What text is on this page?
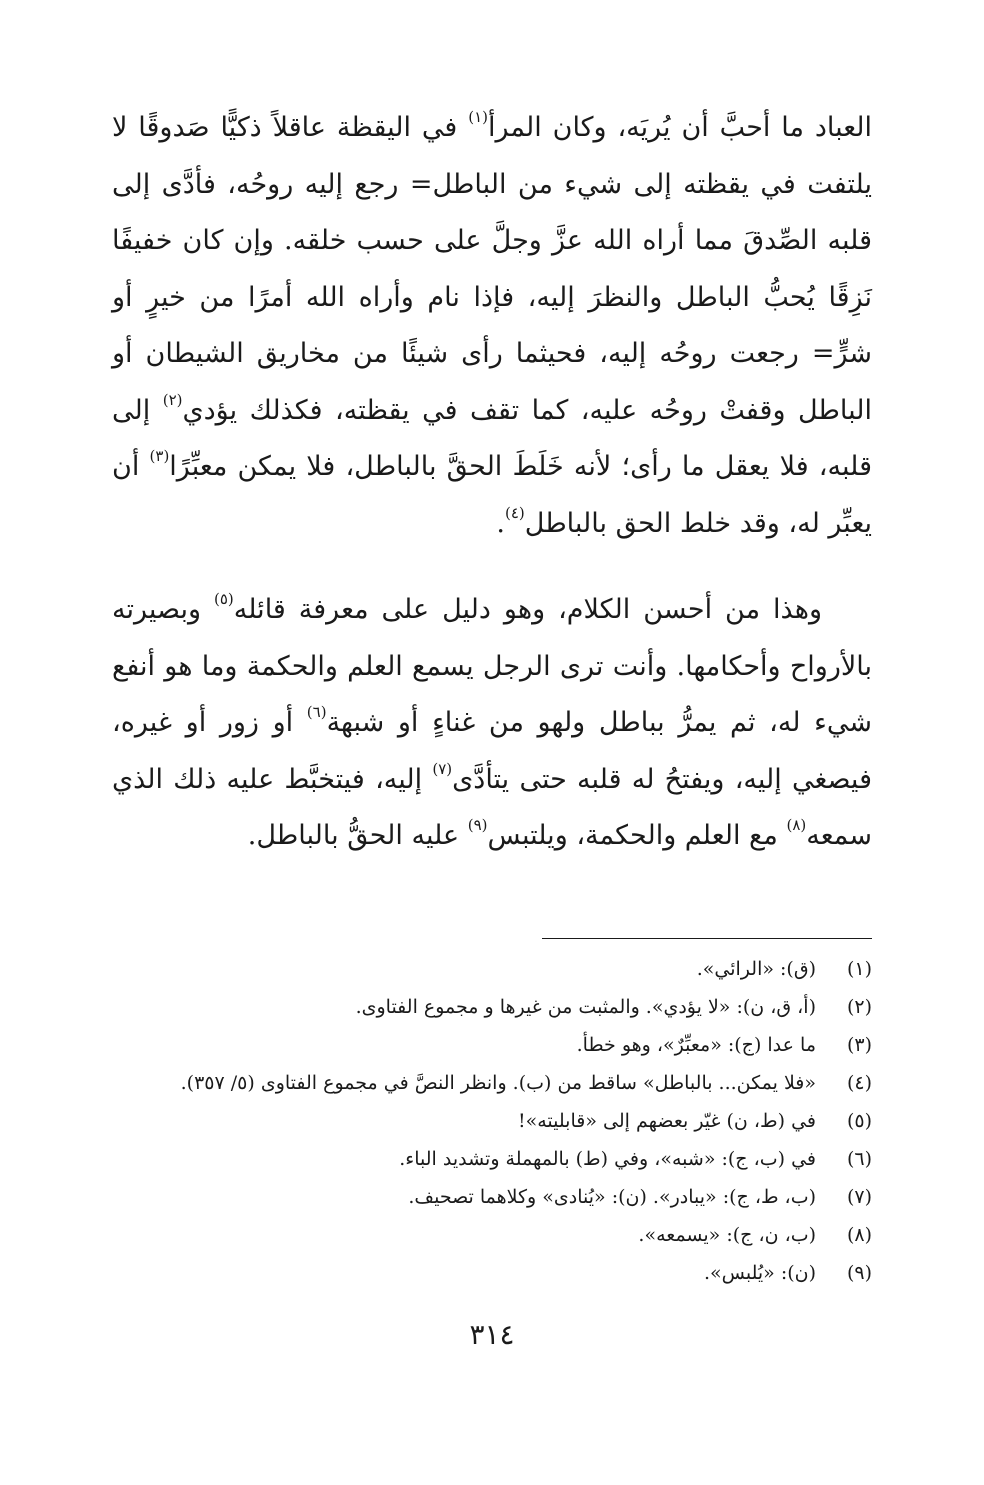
العباد ما أحبَّ أن يُريَه، وكان المرأ$^{(١)}$ في اليقظة عاقلاً ذكيًّا صَدوقًا لا يلتفت في يقظته إلى شيء من الباطل= رجع إليه روحُه، فأدَّى إلى قلبه الصِّدقَ مما أراه الله عزَّ وجلَّ على حسب خلقه. وإن كان خفيفًا نَزِقًا يُحبُّ الباطل والنظرَ إليه، فإذا نام وأراه الله أمرًا من خيرٍ أو شرٍّ= رجعت روحُه إليه، فحيثما رأى شيئًا من مخاريق الشيطان أو الباطل وقفتْ روحُه عليه، كما تقف في يقظته، فكذلك يؤدي$^{(٢)}$ إلى قلبه، فلا يعقل ما رأى؛ لأنه خَلَطَ الحقَّ بالباطل، فلا يمكن معبِّرًا$^{(٣)}$ أن يعبِّر له، وقد خلط الحق بالباطل$^{(٤)}$.

وهذا من أحسن الكلام، وهو دليل على معرفة قائله$^{(٥)}$ وبصيرته بالأرواح وأحكامها. وأنت ترى الرجل يسمع العلم والحكمة وما هو أنفع شيء له، ثم يمرُّ بباطل ولهو من غناءٍ أو شبهة$^{(٦)}$ أو زور أو غيره، فيصغي إليه، ويفتحُ له قلبه حتى يتأدَّى$^{(٧)}$ إليه، فيتخبَّط عليه ذلك الذي سمعه$^{(٨)}$ مع العلم والحكمة، ويلتبس$^{(٩)}$ عليه الحقُّ بالباطل.

(١)
(ق): «الرائي».
(٢)
(أ، ق، ن): «لا يؤدي». والمثبت من غيرها و مجموع الفتاوى.
(٣)
ما عدا (ج): «معبِّرٌ»، وهو خطأ.
(٤)
«فلا يمكن... بالباطل» ساقط من (ب). وانظر النصَّ في مجموع الفتاوى (٥/ ٣٥٧).
(٥)
في (ط، ن) غيّر بعضهم إلى «قابليته»!
(٦)
في (ب، ج): «شبه»، وفي (ط) بالمهملة وتشديد الباء.
(٧)
(ب، ط، ج): «يبادر». (ن): «يُنادى» وكلاهما تصحيف.
(٨)
(ب، ن، ج): «يسمعه».
(٩)
(ن): «يُلبس».
٣١٤
